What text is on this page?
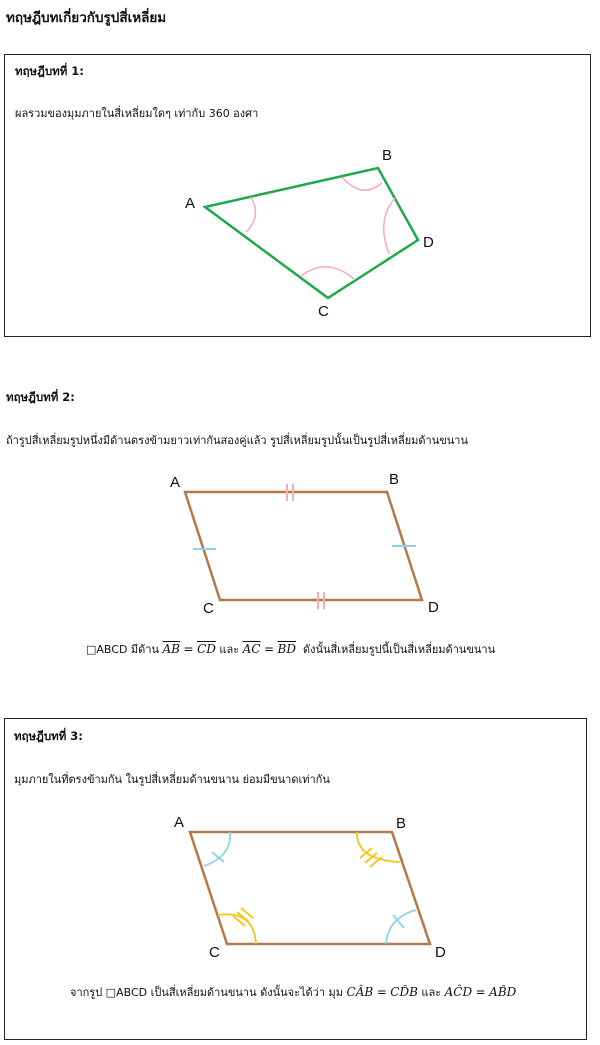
ทฤษฎีบทเกี่ยวกับรูปสี่เหลี่ยม
ทฤษฎีบทที่ 1:
ผลรวมของมุมภายในสี่เหลี่ยมใดๆ เท่ากับ 360 องศา
A
B
C
D
ทฤษฎีบทที่ 2:
ถ้ารูปสี่เหลี่ยมรูปหนึ่งมีด้านตรงข้ามยาวเท่ากันสองคู่แล้ว รูปสี่เหลี่ยมรูปนั้นเป็นรูปสี่เหลี่ยมด้านขนาน
A	B
C	D
□ABCD มีด้าน $\overline{AB} = \overline{CD}$ และ $\overline{AC} = \overline{BD}$ ดังนั้นสี่เหลี่ยมรูปนี้เป็นสี่เหลี่ยมด้านขนาน
ทฤษฎีบทที่ 3:
มุมภายในที่ตรงข้ามกัน ในรูปสี่เหลี่ยมด้านขนาน ย่อมมีขนาดเท่ากัน
A	B
C	D
จากรูป □ABCD เป็นสี่เหลี่ยมด้านขนาน ดังนั้นจะได้ว่า มุม CÂB = CD̂B และ AĈD = AB̂D
